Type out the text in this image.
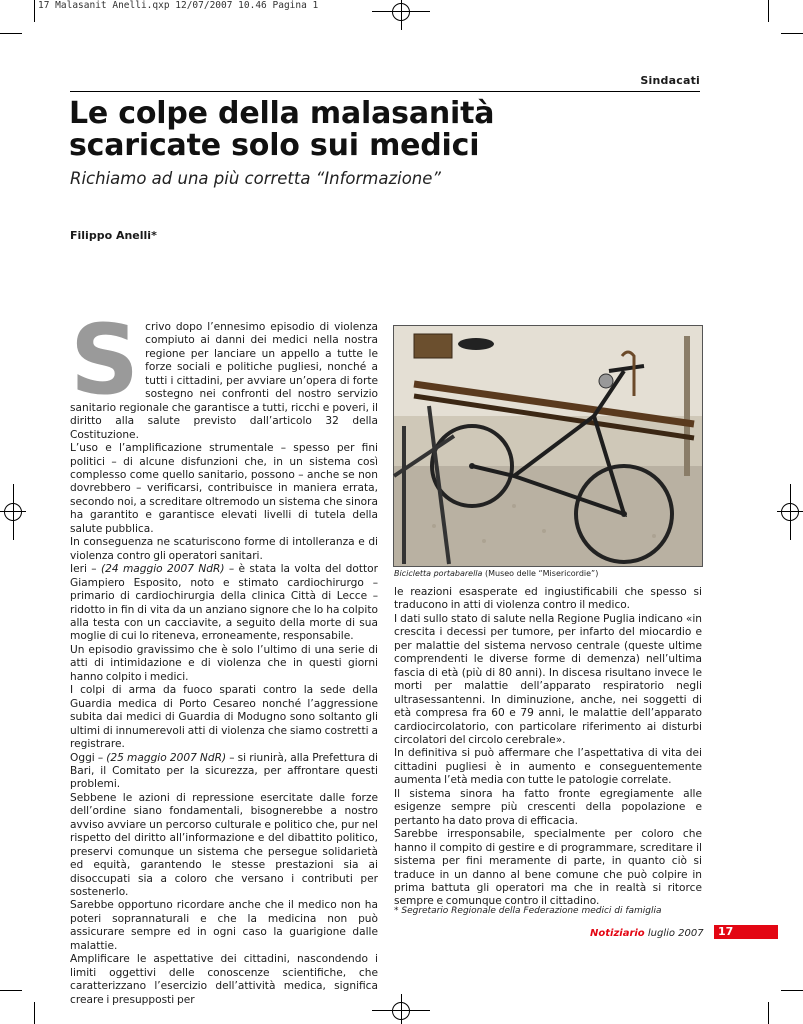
17 Malasanit Anelli.qxp 12/07/2007 10.46 Pagina 1
Sindacati
Le colpe della malasanità
scaricate solo sui medici
Richiamo ad una più corretta “Informazione”
Filippo Anelli*

Scrivo dopo l’ennesimo episodio di violenza compiuto ai danni dei medici nella nostra regione per lanciare un appello a tutte le forze sociali e politiche pugliesi, nonché a tutti i cittadini, per avviare un’opera di forte sostegno nei confronti del nostro servizio sanitario regionale che garantisce a tutti, ricchi e poveri, il diritto alla salute previsto dall’articolo 32 della Costituzione.

L’uso e l’amplificazione strumentale – spesso per fini politici – di alcune disfunzioni che, in un sistema così complesso come quello sanitario, possono – anche se non dovrebbero – verificarsi, contribuisce in maniera errata, secondo noi, a screditare oltremodo un sistema che sinora ha garantito e garantisce elevati livelli di tutela della salute pubblica.

In conseguenza ne scaturiscono forme di intolleranza e di violenza contro gli operatori sanitari.

Ieri – (24 maggio 2007 NdR) – è stata la volta del dottor Giampiero Esposito, noto e stimato cardiochirurgo – primario di cardiochirurgia della clinica Città di Lecce – ridotto in fin di vita da un anziano signore che lo ha colpito alla testa con un cacciavite, a seguito della morte di sua moglie di cui lo riteneva, erroneamente, responsabile.

Un episodio gravissimo che è solo l’ultimo di una serie di atti di intimidazione e di violenza che in questi giorni hanno colpito i medici.

I colpi di arma da fuoco sparati contro la sede della Guardia medica di Porto Cesareo nonché l’aggressione subita dai medici di Guardia di Modugno sono soltanto gli ultimi di innumerevoli atti di violenza che siamo costretti a registrare.

Oggi – (25 maggio 2007 NdR) – si riunirà, alla Prefettura di Bari, il Comitato per la sicurezza, per affrontare questi problemi.

Sebbene le azioni di repressione esercitate dalle forze dell’ordine siano fondamentali, bisognerebbe a nostro avviso avviare un percorso culturale e politico che, pur nel rispetto del diritto all’informazione e del dibattito politico, preservi comunque un sistema che persegue solidarietà ed equità, garantendo le stesse prestazioni sia ai disoccupati sia a coloro che versano i contributi per sostenerlo.

Sarebbe opportuno ricordare anche che il medico non ha poteri soprannaturali e che la medicina non può assicurare sempre ed in ogni caso la guarigione dalle malattie.

Amplificare le aspettative dei cittadini, nascondendo i limiti oggettivi delle conoscenze scientifiche, che caratterizzano l’esercizio dell’attività medica, significa creare i presupposti per

Bicicletta portabarella (Museo delle “Misericordie”)

le reazioni esasperate ed ingiustificabili che spesso si traducono in atti di violenza contro il medico.

I dati sullo stato di salute nella Regione Puglia indicano «in crescita i decessi per tumore, per infarto del miocardio e per malattie del sistema nervoso centrale (queste ultime comprendenti le diverse forme di demenza) nell’ultima fascia di età (più di 80 anni). In discesa risultano invece le morti per malattie dell’apparato respiratorio negli ultrasessantenni. In diminuzione, anche, nei soggetti di età compresa fra 60 e 79 anni, le malattie dell’apparato cardiocircolatorio, con particolare riferimento ai disturbi circolatori del circolo cerebrale».

In definitiva si può affermare che l’aspettativa di vita dei cittadini pugliesi è in aumento e conseguentemente aumenta l’età media con tutte le patologie correlate.

Il sistema sinora ha fatto fronte egregiamente alle esigenze sempre più crescenti della popolazione e pertanto ha dato prova di efficacia.

Sarebbe irresponsabile, specialmente per coloro che hanno il compito di gestire e di programmare, screditare il sistema per fini meramente di parte, in quanto ciò si traduce in un danno al bene comune che può colpire in prima battuta gli operatori ma che in realtà si ritorce sempre e comunque contro il cittadino.

* Segretario Regionale della Federazione medici di famiglia
Notiziario luglio 2007	17
